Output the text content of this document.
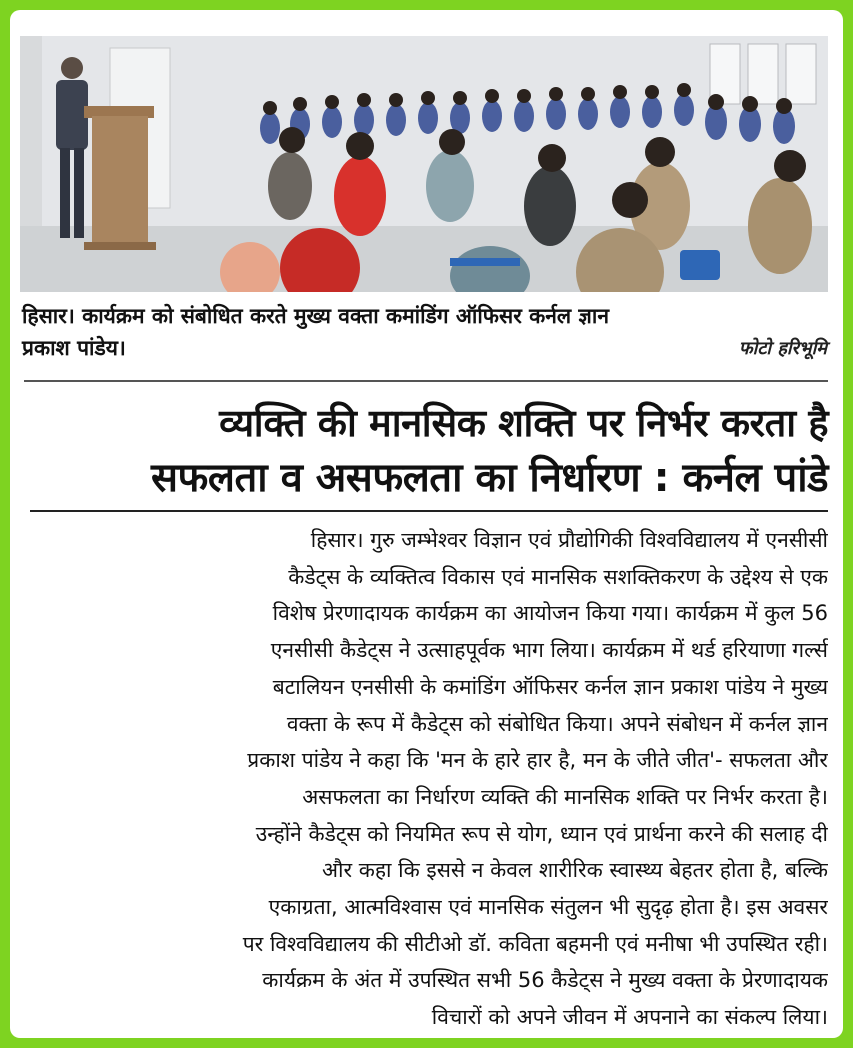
हिसार। कार्यक्रम को संबोधित करते मुख्य वक्ता कमांडिंग ऑफिसर कर्नल ज्ञान
प्रकाश पांडेय।	फोटो हरिभूमि
व्यक्ति की मानसिक शक्ति पर निर्भर करता है
सफलता व असफलता का निर्धारण : कर्नल पांडे
हिसार। गुरु जम्भेश्वर विज्ञान एवं प्रौद्योगिकी विश्वविद्यालय में एनसीसी
कैडेट्स के व्यक्तित्व विकास एवं मानसिक सशक्तिकरण के उद्देश्य से एक
विशेष प्रेरणादायक कार्यक्रम का आयोजन किया गया। कार्यक्रम में कुल 56
एनसीसी कैडेट्स ने उत्साहपूर्वक भाग लिया। कार्यक्रम में थर्ड हरियाणा गर्ल्स
बटालियन एनसीसी के कमांडिंग ऑफिसर कर्नल ज्ञान प्रकाश पांडेय ने मुख्य
वक्ता के रूप में कैडेट्स को संबोधित किया। अपने संबोधन में कर्नल ज्ञान
प्रकाश पांडेय ने कहा कि 'मन के हारे हार है, मन के जीते जीत'- सफलता और
असफलता का निर्धारण व्यक्ति की मानसिक शक्ति पर निर्भर करता है।
उन्होंने कैडेट्स को नियमित रूप से योग, ध्यान एवं प्रार्थना करने की सलाह दी
और कहा कि इससे न केवल शारीरिक स्वास्थ्य बेहतर होता है, बल्कि
एकाग्रता, आत्मविश्वास एवं मानसिक संतुलन भी सुदृढ़ होता है। इस अवसर
पर विश्वविद्यालय की सीटीओ डॉ. कविता बहमनी एवं मनीषा भी उपस्थित रही।
कार्यक्रम के अंत में उपस्थित सभी 56 कैडेट्स ने मुख्य वक्ता के प्रेरणादायक
विचारों को अपने जीवन में अपनाने का संकल्प लिया।
